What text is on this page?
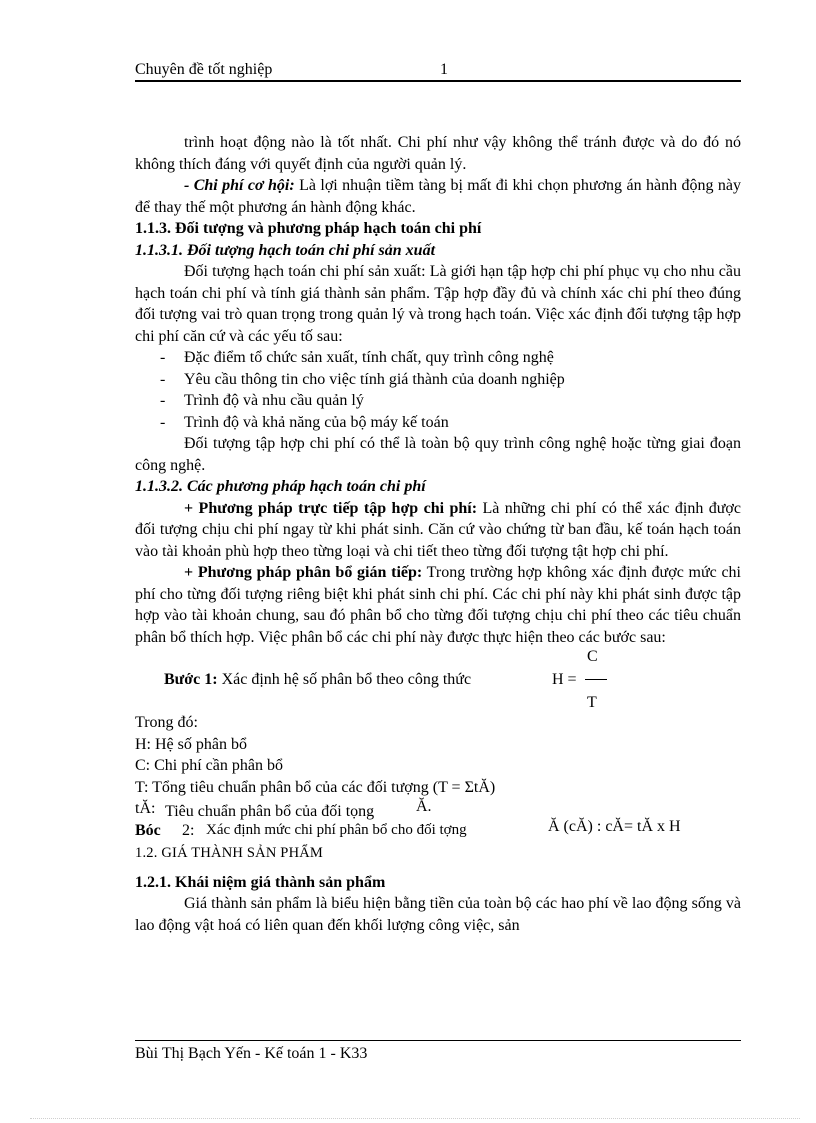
Chuyên đề tốt nghiệp	1

trình hoạt động nào là tốt nhất. Chi phí như vậy không thể tránh được và do đó nó không thích đáng với quyết định của người quản lý.

- Chi phí cơ hội: Là lợi nhuận tiềm tàng bị mất đi khi chọn phương án hành động này để thay thế một phương án hành động khác.

1.1.3. Đối tượng và phương pháp hạch toán chi phí

1.1.3.1. Đối tượng hạch toán chi phí sản xuất

Đối tượng hạch toán chi phí sản xuất: Là giới hạn tập hợp chi phí phục vụ cho nhu cầu hạch toán chi phí và tính giá thành sản phẩm. Tập hợp đầy đủ và chính xác chi phí theo đúng đối tượng vai trò quan trọng trong quản lý và trong hạch toán. Việc xác định đối tượng tập hợp chi phí căn cứ và các yếu tố sau:

- Đặc điểm tổ chức sản xuất, tính chất, quy trình công nghệ
- Yêu cầu thông tin cho việc tính giá thành của doanh nghiệp
- Trình độ và nhu cầu quản lý
- Trình độ và khả năng của bộ máy kế toán

Đối tượng tập hợp chi phí có thể là toàn bộ quy trình công nghệ hoặc từng giai đoạn công nghệ.

1.1.3.2. Các phương pháp hạch toán chi phí

+ Phương pháp trực tiếp tập hợp chi phí: Là những chi phí có thể xác định được đối tượng chịu chi phí ngay từ khi phát sinh. Căn cứ vào chứng từ ban đầu, kế toán hạch toán vào tài khoản phù hợp theo từng loại và chi tiết theo từng đối tượng tật hợp chi phí.

+ Phương pháp phân bổ gián tiếp: Trong trường hợp không xác định được mức chi phí cho từng đối tượng riêng biệt khi phát sinh chi phí. Các chi phí này khi phát sinh được tập hợp vào tài khoản chung, sau đó phân bổ cho từng đối tượng chịu chi phí theo các tiêu chuẩn phân bổ thích hợp. Việc phân bổ các chi phí này được thực hiện theo các bước sau:

Bước 1: Xác định hệ số phân bổ theo công thức	H =
C
T

Trong đó:

H: Hệ số phân bổ

C: Chi phí cần phân bổ

T: Tổng tiêu chuẩn phân bổ của các đối tượng (T = ΣtĂ)

tĂ: Tiêu chuẩn phân bổ của đối tọng	Ă.
Bóc 2: Xác định mức chi phí phân bổ cho đối tợng	Ă (cĂ) : cĂ= tĂ x H

1.2. GIÁ THÀNH SẢN PHẨM

1.2.1. Khái niệm giá thành sản phẩm

Giá thành sản phẩm là biểu hiện bằng tiền của toàn bộ các hao phí về lao động sống và lao động vật hoá có liên quan đến khối lượng công việc, sản

Bùi Thị Bạch Yến - Kế toán 1 - K33
